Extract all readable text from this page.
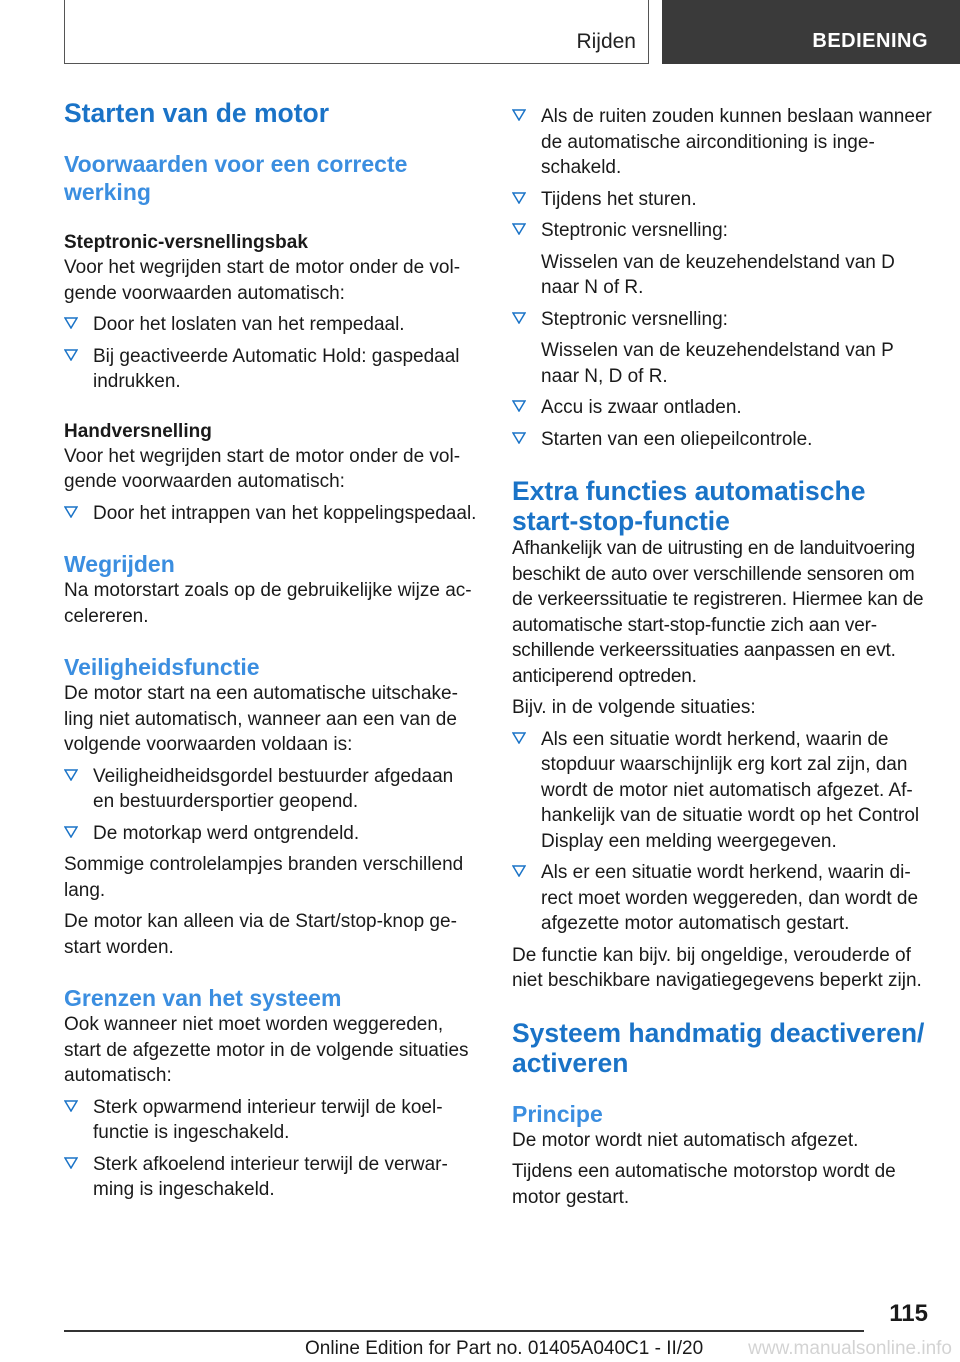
Rijden	BEDIENING
Starten van de motor
Voorwaarden voor een correcte werking
Steptronic-versnellingsbak

Voor het wegrijden start de motor onder de volgende voorwaarden automatisch:

Door het loslaten van het rempedaal.
Bij geactiveerde Automatic Hold: gaspedaal indrukken.
Handversnelling

Voor het wegrijden start de motor onder de volgende voorwaarden automatisch:

Door het intrappen van het koppelingspedaal.
Wegrijden

Na motorstart zoals op de gebruikelijke wijze accelereren.

Veiligheidsfunctie

De motor start na een automatische uitschakeling niet automatisch, wanneer aan een van de volgende voorwaarden voldaan is:

Veiligheidheidsgordel bestuurder afgedaan en bestuurdersportier geopend.
De motorkap werd ontgrendeld.

Sommige controlelampjes branden verschillend lang.

De motor kan alleen via de Start/stop-knop gestart worden.

Grenzen van het systeem

Ook wanneer niet moet worden weggereden, start de afgezette motor in de volgende situaties automatisch:

Sterk opwarmend interieur terwijl de koelfunctie is ingeschakeld.
Sterk afkoelend interieur terwijl de verwarming is ingeschakeld.
Als de ruiten zouden kunnen beslaan wanneer de automatische airconditioning is ingeschakeld.
Tijdens het sturen.
Steptronic versnelling:
Wisselen van de keuzehendelstand van D naar N of R.
Steptronic versnelling:
Wisselen van de keuzehendelstand van P naar N, D of R.
Accu is zwaar ontladen.
Starten van een oliepeilcontrole.
Extra functies automatische start-stop-functie

Afhankelijk van de uitrusting en de landuitvoering beschikt de auto over verschillende sensoren om de verkeerssituatie te registreren. Hiermee kan de automatische start-stop-functie zich aan verschillende verkeerssituaties aanpassen en evt. anticiperend optreden.

Bijv. in de volgende situaties:

Als een situatie wordt herkend, waarin de stopduur waarschijnlijk erg kort zal zijn, dan wordt de motor niet automatisch afgezet. Afhankelijk van de situatie wordt op het Control Display een melding weergegeven.
Als er een situatie wordt herkend, waarin direct moet worden weggereden, dan wordt de afgezette motor automatisch gestart.

De functie kan bijv. bij ongeldige, verouderde of niet beschikbare navigatiegegevens beperkt zijn.

Systeem handmatig deactiveren/ activeren
Principe

De motor wordt niet automatisch afgezet.

Tijdens een automatische motorstop wordt de motor gestart.

115
Online Edition for Part no. 01405A040C1 - II/20 www.manualsonline.info
